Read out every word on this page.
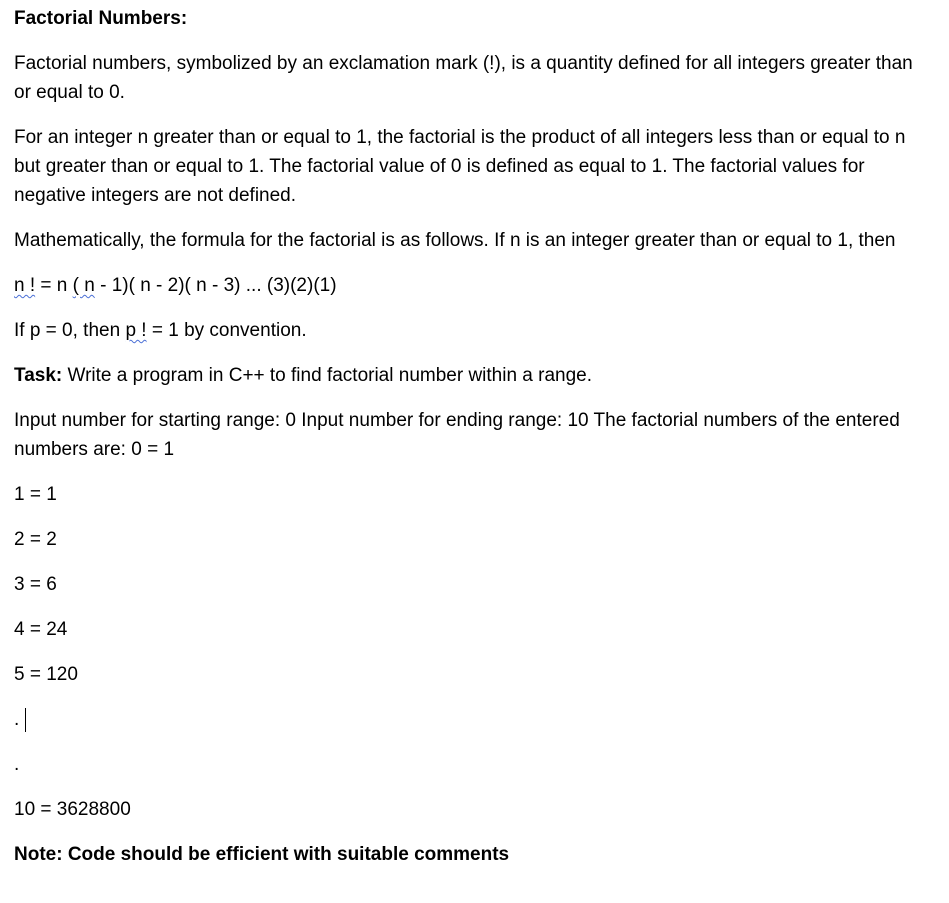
Factorial Numbers:

Factorial numbers, symbolized by an exclamation mark (!), is a quantity defined for all integers greater than or equal to 0.

For an integer n greater than or equal to 1, the factorial is the product of all integers less than or equal to n but greater than or equal to 1. The factorial value of 0 is defined as equal to 1. The factorial values for negative integers are not defined.

Mathematically, the formula for the factorial is as follows. If n is an integer greater than or equal to 1, then

n ! = n ( n - 1)( n - 2)( n - 3) ... (3)(2)(1)

If p = 0, then p ! = 1 by convention.

Task: Write a program in C++ to find factorial number within a range.

Input number for starting range: 0 Input number for ending range: 10 The factorial numbers of the entered numbers are: 0 = 1

1 = 1

2 = 2

3 = 6

4 = 24

5 = 120

.

.

10 = 3628800

Note: Code should be efficient with suitable comments
